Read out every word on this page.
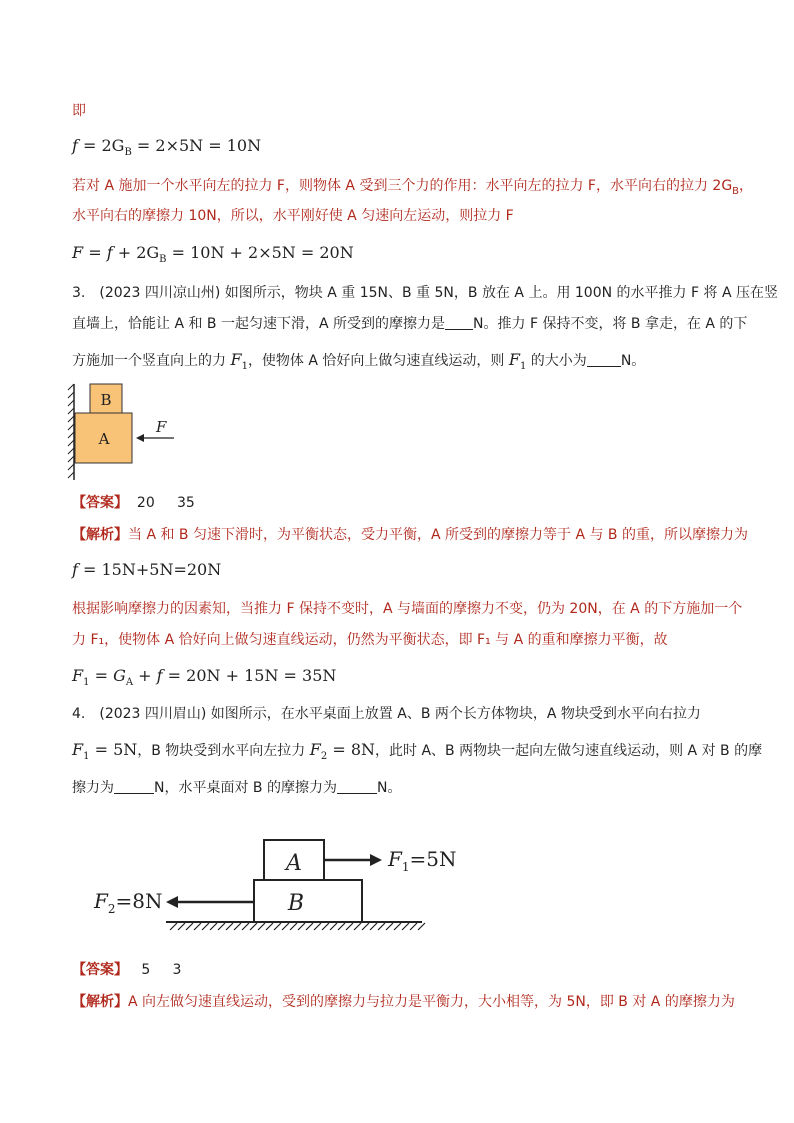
即
$f = 2G_B = 2\times 5N = 10N$
若对 A 施加一个水平向左的拉力 F，则物体 A 受到三个力的作用：水平向左的拉力 F，水平向右的拉力 $2G_B$，
水平向右的摩擦力 10N，所以，水平刚好使 A 匀速向左运动，则拉力 F
$F = f + 2G_B = 10N + 2\times 5N = 20N$
3.　(2023 四川凉山州) 如图所示，物块 A 重 15N、B 重 5N，B 放在 A 上。用 100N 的水平推力 F 将 A 压在竖
直墙上，恰能让 A 和 B 一起匀速下滑，A 所受到的摩擦力是 N。推力 F 保持不变，将 B 拿走，在 A 的下
方施加一个竖直向上的力 $F_1$，使物体 A 恰好向上做匀速直线运动，则 $F_1$ 的大小为 N。
B
A
F
【答案】 20 35
【解析】当 A 和 B 匀速下滑时，为平衡状态，受力平衡，A 所受到的摩擦力等于 A 与 B 的重，所以摩擦力为
f = 15N+5N=20N
根据影响摩擦力的因素知，当推力 F 保持不变时，A 与墙面的摩擦力不变，仍为 20N，在 A 的下方施加一个
力 F₁，使物体 A 恰好向上做匀速直线运动，仍然为平衡状态，即 F₁ 与 A 的重和摩擦力平衡，故
$F_1 = G_A + f = 20N + 15N = 35N$
4.　(2023 四川眉山) 如图所示，在水平桌面上放置 A、B 两个长方体物块，A 物块受到水平向右拉力
$F_1 = 5N$，B 物块受到水平向左拉力 $F_2 = 8N$，此时 A、B 两物块一起向左做匀速直线运动，则 A 对 B 的摩
擦力为	N，水平桌面对 B 的摩擦力为	N。
A
B
$F_1=5N$
$F_2=8N$
【答案】 5 3
【解析】A 向左做匀速直线运动，受到的摩擦力与拉力是平衡力，大小相等，为 5N，即 B 对 A 的摩擦力为
